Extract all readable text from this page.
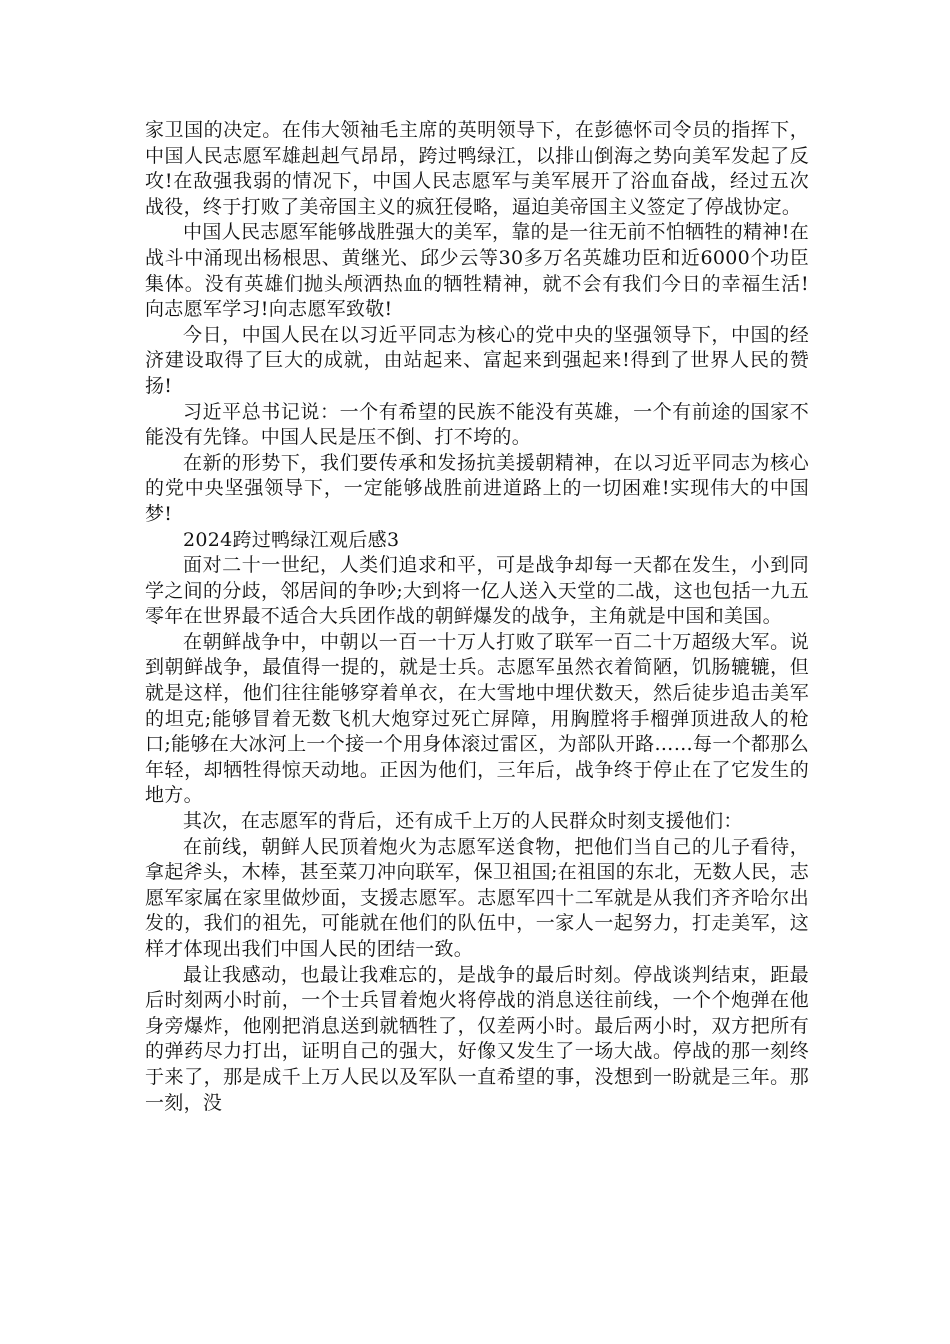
家卫国的决定。在伟大领袖毛主席的英明领导下，在彭德怀司令员的指挥下，中国人民志愿军雄赳赳气昂昂，跨过鸭绿江，以排山倒海之势向美军发起了反攻!在敌强我弱的情况下，中国人民志愿军与美军展开了浴血奋战，经过五次战役，终于打败了美帝国主义的疯狂侵略，逼迫美帝国主义签定了停战协定。

中国人民志愿军能够战胜强大的美军，靠的是一往无前不怕牺牲的精神!在战斗中涌现出杨根思、黄继光、邱少云等30多万名英雄功臣和近6000个功臣集体。没有英雄们抛头颅洒热血的牺牲精神，就不会有我们今日的幸福生活!向志愿军学习!向志愿军致敬!

今日，中国人民在以习近平同志为核心的党中央的坚强领导下，中国的经济建设取得了巨大的成就，由站起来、富起来到强起来!得到了世界人民的赞扬!

习近平总书记说：一个有希望的民族不能没有英雄，一个有前途的国家不能没有先锋。中国人民是压不倒、打不垮的。

在新的形势下，我们要传承和发扬抗美援朝精神，在以习近平同志为核心的党中央坚强领导下，一定能够战胜前进道路上的一切困难!实现伟大的中国梦!

2024跨过鸭绿江观后感3

面对二十一世纪，人类们追求和平，可是战争却每一天都在发生，小到同学之间的分歧，邻居间的争吵;大到将一亿人送入天堂的二战，这也包括一九五零年在世界最不适合大兵团作战的朝鲜爆发的战争，主角就是中国和美国。

在朝鲜战争中，中朝以一百一十万人打败了联军一百二十万超级大军。说到朝鲜战争，最值得一提的，就是士兵。志愿军虽然衣着简陋，饥肠辘辘，但就是这样，他们往往能够穿着单衣，在大雪地中埋伏数天，然后徒步追击美军的坦克;能够冒着无数飞机大炮穿过死亡屏障，用胸膛将手榴弹顶进敌人的枪口;能够在大冰河上一个接一个用身体滚过雷区，为部队开路……每一个都那么年轻，却牺牲得惊天动地。正因为他们，三年后，战争终于停止在了它发生的地方。

其次，在志愿军的背后，还有成千上万的人民群众时刻支援他们：

在前线，朝鲜人民顶着炮火为志愿军送食物，把他们当自己的儿子看待，拿起斧头，木棒，甚至菜刀冲向联军，保卫祖国;在祖国的东北，无数人民，志愿军家属在家里做炒面，支援志愿军。志愿军四十二军就是从我们齐齐哈尔出发的，我们的祖先，可能就在他们的队伍中，一家人一起努力，打走美军，这样才体现出我们中国人民的团结一致。

最让我感动，也最让我难忘的，是战争的最后时刻。停战谈判结束，距最后时刻两小时前，一个士兵冒着炮火将停战的消息送往前线，一个个炮弹在他身旁爆炸，他刚把消息送到就牺牲了，仅差两小时。最后两小时，双方把所有的弹药尽力打出，证明自己的强大，好像又发生了一场大战。停战的那一刻终于来了，那是成千上万人民以及军队一直希望的事，没想到一盼就是三年。那一刻，没
